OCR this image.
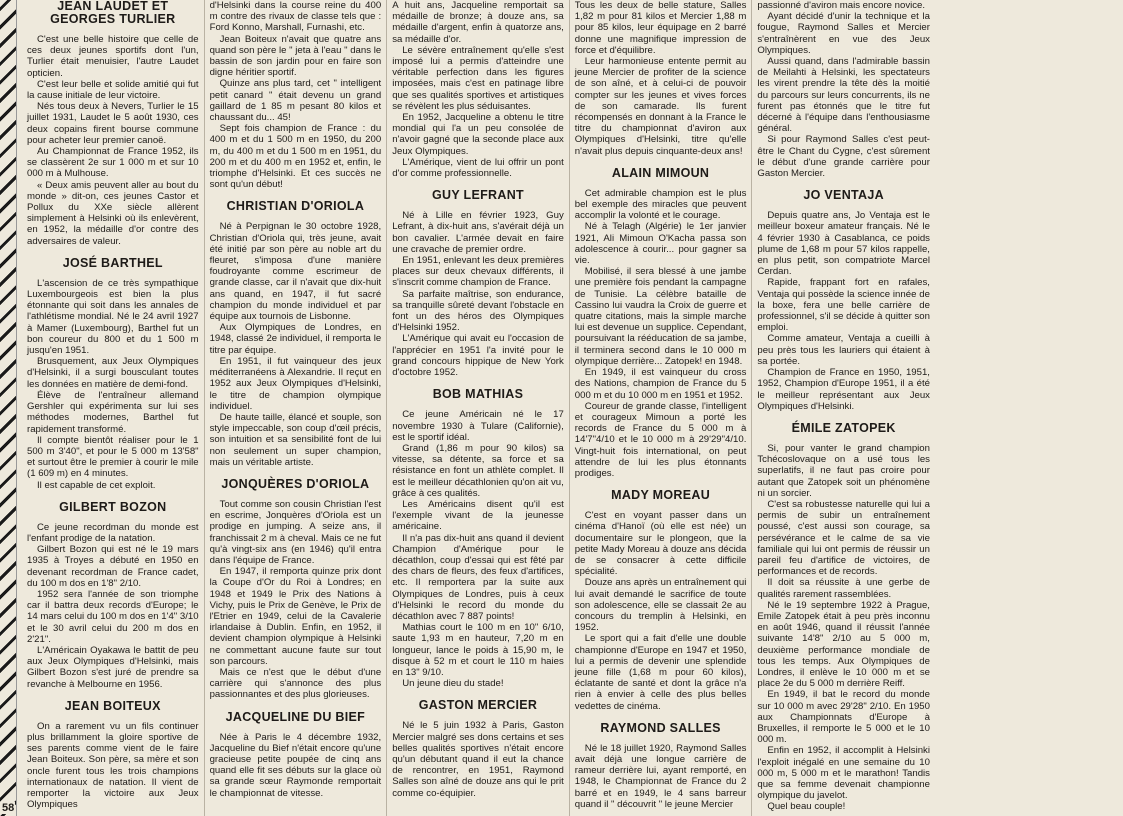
58
JEAN LAUDET ET GEORGES TURLIER

C'est une belle histoire que celle de ces deux jeunes sportifs dont l'un, Turlier était menuisier, l'autre Laudet opticien.

C'est leur belle et solide amitié qui fut la cause initiale de leur victoire.

Nés tous deux à Nevers, Turlier le 15 juillet 1931, Laudet le 5 août 1930, ces deux copains firent bourse commune pour acheter leur premier canoë.

Au Championnat de France 1952, ils se classèrent 2e sur 1 000 m et sur 10 000 m à Mulhouse.

« Deux amis peuvent aller au bout du monde » dit-on, ces jeunes Castor et Pollux du XXe siècle allèrent simplement à Helsinki où ils enlevèrent, en 1952, la médaille d'or contre des adversaires de valeur.

JOSÉ BARTHEL

L'ascension de ce très sympathique Luxembourgeois est bien la plus étonnante qui soit dans les annales de l'athlétisme mondial. Né le 24 avril 1927 à Mamer (Luxembourg), Barthel fut un bon coureur du 800 et du 1 500 m jusqu'en 1951.

Brusquement, aux Jeux Olympiques d'Helsinki, il a surgi bousculant toutes les données en matière de demi-fond.

Élève de l'entraîneur allemand Gershler qui expérimenta sur lui ses méthodes modernes, Barthel fut rapidement transformé.

Il compte bientôt réaliser pour le 1 500 m 3'40", et pour le 5 000 m 13'58" et surtout être le premier à courir le mile (1 609 m) en 4 minutes.

Il est capable de cet exploit.

GILBERT BOZON

Ce jeune recordman du monde est l'enfant prodige de la natation.

Gilbert Bozon qui est né le 19 mars 1935 à Troyes a débuté en 1950 en devenant recordman de France cadet, du 100 m dos en 1'8" 2/10.

1952 sera l'année de son triomphe car il battra deux records d'Europe; le 14 mars celui du 100 m dos en 1'4" 3/10 et le 30 avril celui du 200 m dos en 2'21".

L'Américain Oyakawa le battit de peu aux Jeux Olympiques d'Helsinki, mais Gilbert Bozon s'est juré de prendre sa revanche à Melbourne en 1956.

JEAN BOITEUX

On a rarement vu un fils continuer plus brillamment la gloire sportive de ses parents comme vient de le faire Jean Boiteux. Son père, sa mère et son oncle furent tous les trois champions internationaux de natation. Il vient de remporter la victoire aux Jeux Olympiques

d'Helsinki dans la course reine du 400 m contre des rivaux de classe tels que : Ford Konno, Marshall, Furnashi, etc.

Jean Boiteux n'avait que quatre ans quand son père le " jeta à l'eau " dans le bassin de son jardin pour en faire son digne héritier sportif.

Quinze ans plus tard, cet " intelligent petit canard " était devenu un grand gaillard de 1 85 m pesant 80 kilos et chaussant du... 45!

Sept fois champion de France : du 400 m et du 1 500 m en 1950, du 200 m, du 400 m et du 1 500 m en 1951, du 200 m et du 400 m en 1952 et, enfin, le triomphe d'Helsinki. Et ces succès ne sont qu'un début!

CHRISTIAN D'ORIOLA

Né à Perpignan le 30 octobre 1928, Christian d'Oriola qui, très jeune, avait été initié par son père au noble art du fleuret, s'imposa d'une manière foudroyante comme escrimeur de grande classe, car il n'avait que dix-huit ans quand, en 1947, il fut sacré champion du monde individuel et par équipe aux tournois de Lisbonne.

Aux Olympiques de Londres, en 1948, classé 2e individuel, il remporta le titre par équipe.

En 1951, il fut vainqueur des jeux méditerranéens à Alexandrie. Il reçut en 1952 aux Jeux Olympiques d'Helsinki, le titre de champion olympique individuel.

De haute taille, élancé et souple, son style impeccable, son coup d'œil précis, son intuition et sa sensibilité font de lui non seulement un super champion, mais un véritable artiste.

JONQUÈRES D'ORIOLA

Tout comme son cousin Christian l'est en escrime, Jonquères d'Oriola est un prodige en jumping. A seize ans, il franchissait 2 m à cheval. Mais ce ne fut qu'à vingt-six ans (en 1946) qu'il entra dans l'équipe de France.

En 1947, il remporta quinze prix dont la Coupe d'Or du Roi à Londres; en 1948 et 1949 le Prix des Nations à Vichy, puis le Prix de Genève, le Prix de l'Etrier en 1949, celui de la Cavalerie irlandaise à Dublin. Enfin, en 1952, il devient champion olympique à Helsinki ne commettant aucune faute sur tout son parcours.

Mais ce n'est que le début d'une carrière qui s'annonce des plus passionnantes et des plus glorieuses.

JACQUELINE DU BIEF

Née à Paris le 4 décembre 1932, Jacqueline du Bief n'était encore qu'une gracieuse petite poupée de cinq ans quand elle fit ses débuts sur la glace où sa grande sœur Raymonde remportait le championnat de vitesse.

A huit ans, Jacqueline remportait sa médaille de bronze; à douze ans, sa médaille d'argent, enfin à quatorze ans, sa médaille d'or.

Le sévère entraînement qu'elle s'est imposé lui a permis d'atteindre une véritable perfection dans les figures imposées, mais c'est en patinage libre que ses qualités sportives et artistiques se révèlent les plus séduisantes.

En 1952, Jacqueline a obtenu le titre mondial qui l'a un peu consolée de n'avoir gagné que la seconde place aux Jeux Olympiques.

L'Amérique, vient de lui offrir un pont d'or comme professionnelle.

GUY LEFRANT

Né à Lille en février 1923, Guy Lefrant, à dix-huit ans, s'avérait déjà un bon cavalier. L'armée devait en faire une cravache de premier ordre.

En 1951, enlevant les deux premières places sur deux chevaux différents, il s'inscrit comme champion de France.

Sa parfaite maîtrise, son endurance, sa tranquille sûreté devant l'obstacle en font un des héros des Olympiques d'Helsinki 1952.

L'Amérique qui avait eu l'occasion de l'apprécier en 1951 l'a invité pour le grand concours hippique de New York d'octobre 1952.

BOB MATHIAS

Ce jeune Américain né le 17 novembre 1930 à Tulare (Californie), est le sportif idéal.

Grand (1,86 m pour 90 kilos) sa vitesse, sa détente, sa force et sa résistance en font un athlète complet. Il est le meilleur décathlonien qu'on ait vu, grâce à ces qualités.

Les Américains disent qu'il est l'exemple vivant de la jeunesse américaine.

Il n'a pas dix-huit ans quand il devient Champion d'Amérique pour le décathlon, coup d'essai qui est fêté par des chars de fleurs, des feux d'artifices, etc. Il remportera par la suite aux Olympiques de Londres, puis à ceux d'Helsinki le record du monde du décathlon avec 7 887 points!

Mathias court le 100 m en 10" 6/10, saute 1,93 m en hauteur, 7,20 m en longueur, lance le poids à 15,90 m, le disque à 52 m et court le 110 m haies en 13" 9/10.

Un jeune dieu du stade!

GASTON MERCIER

Né le 5 juin 1932 à Paris, Gaston Mercier malgré ses dons certains et ses belles qualités sportives n'était encore qu'un débutant quand il eut la chance de rencontrer, en 1951, Raymond Salles son aîné de douze ans qui le prit comme co-équipier.

Tous les deux de belle stature, Salles 1,82 m pour 81 kilos et Mercier 1,88 m pour 85 kilos, leur équipage en 2 barré donne une magnifique impression de force et d'équilibre.

Leur harmonieuse entente permit au jeune Mercier de profiter de la science de son aîné, et à celui-ci de pouvoir compter sur les jeunes et vives forces de son camarade. Ils furent récompensés en donnant à la France le titre du championnat d'aviron aux Olympiques d'Helsinki, titre qu'elle n'avait plus depuis cinquante-deux ans!

ALAIN MIMOUN

Cet admirable champion est le plus bel exemple des miracles que peuvent accomplir la volonté et le courage.

Né à Telagh (Algérie) le 1er janvier 1921, Ali Mimoun O'Kacha passa son adolescence à courir... pour gagner sa vie.

Mobilisé, il sera blessé à une jambe une première fois pendant la campagne de Tunisie. La célèbre bataille de Cassino lui vaudra la Croix de guerre et quatre citations, mais la simple marche lui est devenue un supplice. Cependant, poursuivant la rééducation de sa jambe, il terminera second dans le 10 000 m olympique derrière... Zatopek! en 1948.

En 1949, il est vainqueur du cross des Nations, champion de France du 5 000 m et du 10 000 m en 1951 et 1952.

Coureur de grande classe, l'intelligent et courageux Mimoun a porté les records de France du 5 000 m à 14'7"4/10 et le 10 000 m à 29'29"4/10. Vingt-huit fois international, on peut attendre de lui les plus étonnants prodiges.

MADY MOREAU

C'est en voyant passer dans un cinéma d'Hanoï (où elle est née) un documentaire sur le plongeon, que la petite Mady Moreau à douze ans décida de se consacrer à cette difficile spécialité.

Douze ans après un entraînement qui lui avait demandé le sacrifice de toute son adolescence, elle se classait 2e au concours du tremplin à Helsinki, en 1952.

Le sport qui a fait d'elle une double championne d'Europe en 1947 et 1950, lui a permis de devenir une splendide jeune fille (1,68 m pour 60 kilos), éclatante de santé et dont la grâce n'a rien à envier à celle des plus belles vedettes de cinéma.

RAYMOND SALLES

Né le 18 juillet 1920, Raymond Salles avait déjà une longue carrière de rameur derrière lui, ayant remporté, en 1948, le Championnat de France du 2 barré et en 1949, le 4 sans barreur quand il " découvrit " le jeune Mercier

passionné d'aviron mais encore novice.

Ayant décidé d'unir la technique et la fougue, Raymond Salles et Mercier s'entraînèrent en vue des Jeux Olympiques.

Aussi quand, dans l'admirable bassin de Meilahti à Helsinki, les spectateurs les virent prendre la tête dès la moitié du parcours sur leurs concurrents, ils ne furent pas étonnés que le titre fut décerné à l'équipe dans l'enthousiasme général.

Si pour Raymond Salles c'est peut-être le Chant du Cygne, c'est sûrement le début d'une grande carrière pour Gaston Mercier.

JO VENTAJA

Depuis quatre ans, Jo Ventaja est le meilleur boxeur amateur français. Né le 4 février 1930 à Casablanca, ce poids plume de 1,68 m pour 57 kilos rappelle, en plus petit, son compatriote Marcel Cerdan.

Rapide, frappant fort en rafales, Ventaja qui possède la science innée de la boxe, fera une belle carrière de professionnel, s'il se décide à quitter son emploi.

Comme amateur, Ventaja a cueilli à peu près tous les lauriers qui étaient à sa portée.

Champion de France en 1950, 1951, 1952, Champion d'Europe 1951, il a été le meilleur représentant aux Jeux Olympiques d'Helsinki.

ÉMILE ZATOPEK

Si, pour vanter le grand champion Tchécoslovaque on a usé tous les superlatifs, il ne faut pas croire pour autant que Zatopek soit un phénomène ni un sorcier.

C'est sa robustesse naturelle qui lui a permis de subir un entraînement poussé, c'est aussi son courage, sa persévérance et le calme de sa vie familiale qui lui ont permis de réussir un pareil feu d'artifice de victoires, de performances et de records.

Il doit sa réussite à une gerbe de qualités rarement rassemblées.

Né le 19 septembre 1922 à Prague, Emile Zatopek était à peu près inconnu en août 1946, quand il réussit l'année suivante 14'8" 2/10 au 5 000 m, deuxième performance mondiale de tous les temps. Aux Olympiques de Londres, il enlève le 10 000 m et se place 2e du 5 000 m derrière Reiff.

En 1949, il bat le record du monde sur 10 000 m avec 29'28" 2/10. En 1950 aux Championnats d'Europe à Bruxelles, il remporte le 5 000 et le 10 000 m.

Enfin en 1952, il accomplit à Helsinki l'exploit inégalé en une semaine du 10 000 m, 5 000 m et le marathon! Tandis que sa femme devenait championne olympique du javelot.

Quel beau couple!
